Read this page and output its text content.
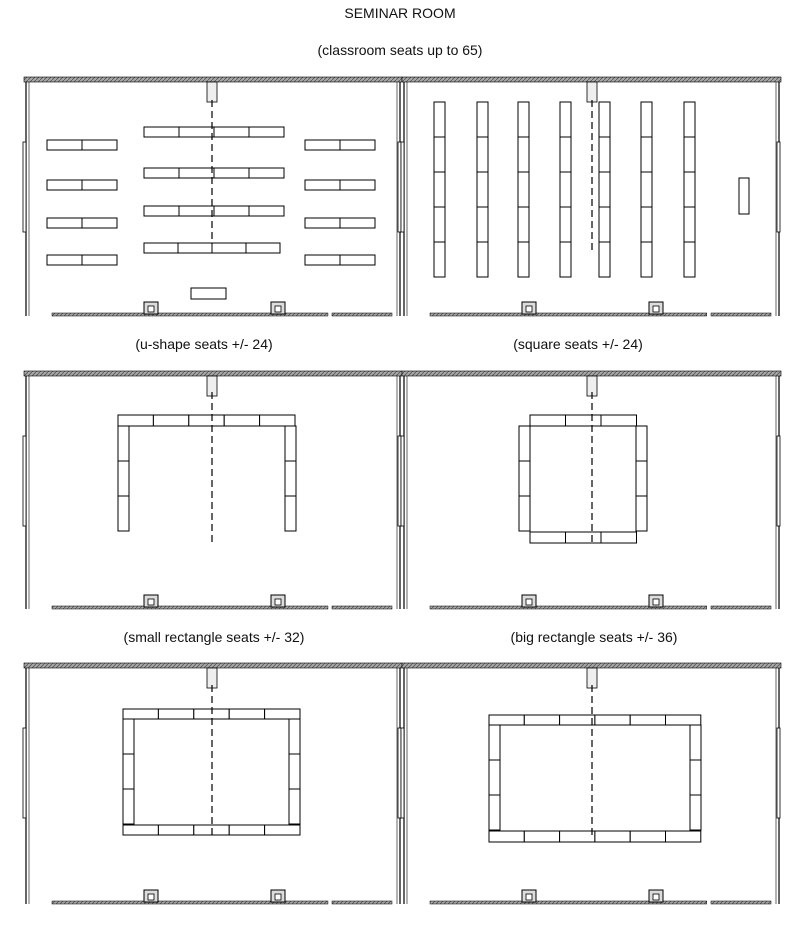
SEMINAR ROOM
(classroom seats up to 65)
(u-shape seats +/- 24)	(square seats +/- 24)
(small rectangle seats +/- 32)	(big rectangle seats +/- 36)
